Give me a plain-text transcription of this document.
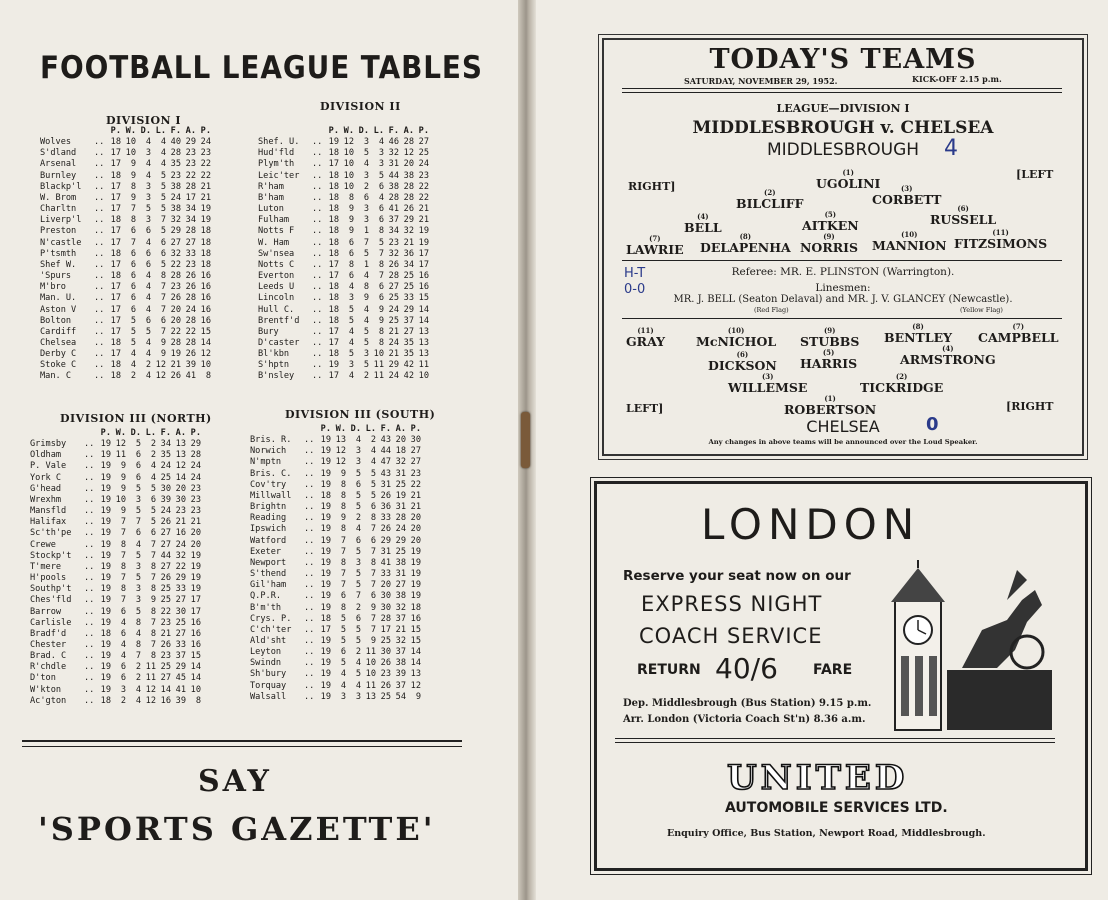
FOOTBALL LEAGUE TABLES
DIVISION I
DIVISION II
DIVISION III (NORTH)	DIVISION III (SOUTH)
P. W. D. L. F. A. P.
Wolves	.. 18 10	4	4 40 29 24
S'dland	.. 17 10	3	4 28 23 23
Arsenal	.. 17	9	4	4 35 23 22
Burnley	.. 18	9	4	5 23 22 22
Blackp'l	.. 17	8	3	5 38 28 21
W. Brom	.. 17	9	3	5 24 17 21
Charltn	.. 17	7	5	5 38 34 19
Liverp'l	.. 18	8	3	7 32 34 19
Preston	.. 17	6	6	5 29 28 18
N'castle	.. 17	7	4	6 27 27 18
P'tsmth	.. 18	6	6	6 32 33 18
Shef W.	.. 17	6	6	5 22 23 18
'Spurs	.. 18	6	4	8 28 26 16
M'bro	.. 17	6	4	7 23 26 16
Man. U.	.. 17	6	4	7 26 28 16
Aston V	.. 17	6	4	7 20 24 16
Bolton	.. 17	5	6	6 20 28 16
Cardiff	.. 17	5	5	7 22 22 15
Chelsea	.. 18	5	4	9 28 28 14
Derby C	.. 17	4	4	9 19 26 12
Stoke C	.. 18	4	2 12 21 39 10
Man. C	.. 18	2	4 12 26 41	8
P. W. D. L. F. A. P.
Shef. U.	.. 19 12	3	4 46 28 27
Hud'fld	.. 18 10	5	3 32 12 25
Plym'th	.. 17 10	4	3 31 20 24
Leic'ter	.. 18 10	3	5 44 38 23
R'ham	.. 18 10	2	6 38 28 22
B'ham	.. 18	8	6	4 28 28 22
Luton	.. 18	9	3	6 41 26 21
Fulham	.. 18	9	3	6 37 29 21
Notts F	.. 18	9	1	8 34 32 19
W. Ham	.. 18	6	7	5 23 21 19
Sw'nsea	.. 18	6	5	7 32 36 17
Notts C	.. 17	8	1	8 26 34 17
Everton	.. 17	6	4	7 28 25 16
Leeds U	.. 18	4	8	6 27 25 16
Lincoln	.. 18	3	9	6 25 33 15
Hull C.	.. 18	5	4	9 24 29 14
Brentf'd	.. 18	5	4	9 25 37 14
Bury	.. 17	4	5	8 21 27 13
D'caster	.. 17	4	5	8 24 35 13
Bl'kbn	.. 18	5	3 10 21 35 13
S'hptn	.. 19	3	5 11 29 42 11
B'nsley	.. 17	4	2 11 24 42 10
P. W. D. L. F. A. P.
Grimsby	.. 19 12	5	2 34 13 29
Oldham	.. 19 11	6	2 35 13 28
P. Vale	.. 19	9	6	4 24 12 24
York C	.. 19	9	6	4 25 14 24
G'head	.. 19	9	5	5 30 20 23
Wrexhm	.. 19 10	3	6 39 30 23
Mansfld	.. 19	9	5	5 24 23 23
Halifax	.. 19	7	7	5 26 21 21
Sc'th'pe	.. 19	7	6	6 27 16 20
Crewe	.. 19	8	4	7 27 24 20
Stockp't	.. 19	7	5	7 44 32 19
T'mere	.. 19	8	3	8 27 22 19
H'pools	.. 19	7	5	7 26 29 19
Southp't	.. 19	8	3	8 25 33 19
Ches'fld	.. 19	7	3	9 25 27 17
Barrow	.. 19	6	5	8 22 30 17
Carlisle	.. 19	4	8	7 23 25 16
Bradf'd	.. 18	6	4	8 21 27 16
Chester	.. 19	4	8	7 26 33 16
Brad. C	.. 19	4	7	8 23 37 15
R'chdle	.. 19	6	2 11 25 29 14
D'ton	.. 19	6	2 11 27 45 14
W'kton	.. 19	3	4 12 14 41 10
Ac'gton	.. 18	2	4 12 16 39	8
P. W. D. L. F. A. P.
Bris. R.	.. 19 13	4	2 43 20 30
Norwich	.. 19 12	3	4 44 18 27
N'mptn	.. 19 12	3	4 47 32 27
Bris. C.	.. 19	9	5	5 43 31 23
Cov'try	.. 19	8	6	5 31 25 22
Millwall	.. 18	8	5	5 26 19 21
Brightn	.. 19	8	5	6 36 31 21
Reading	.. 19	9	2	8 33 28 20
Ipswich	.. 19	8	4	7 26 24 20
Watford	.. 19	7	6	6 29 29 20
Exeter	.. 19	7	5	7 31 25 19
Newport	.. 19	8	3	8 41 38 19
S'thend	.. 19	7	5	7 33 31 19
Gil'ham	.. 19	7	5	7 20 27 19
Q.P.R.	.. 19	6	7	6 30 38 19
B'm'th	.. 19	8	2	9 30 32 18
Crys. P.	.. 18	5	6	7 28 37 16
C'ch'ter	.. 17	5	5	7 17 21 15
Ald'sht	.. 19	5	5	9 25 32 15
Leyton	.. 19	6	2 11 30 37 14
Swindn	.. 19	5	4 10 26 38 14
Sh'bury	.. 19	4	5 10 23 39 13
Torquay	.. 19	4	4 11 26 37 12
Walsall	.. 19	3	3 13 25 54	9
SAY
'SPORTS GAZETTE'
TODAY'S TEAMS
SATURDAY, NOVEMBER 29, 1952.	KICK-OFF 2.15 p.m.
LEAGUE—DIVISION I
MIDDLESBROUGH v. CHELSEA
MIDDLESBROUGH	4
RIGHT]
[LEFT
(1)
UGOLINI
(2)
BILCLIFF
(3)
CORBETT
(4)
BELL
(5)
AITKEN
(6)
RUSSELL
(7)
LAWRIE
(8)
DELAPENHA
(9)
NORRIS
(10)
MANNION
(11)
FITZSIMONS
Referee: MR. E. PLINSTON (Warrington).
Linesmen:
MR. J. BELL (Seaton Delaval) and MR. J. V. GLANCEY (Newcastle).
(Red Flag)	(Yellow Flag)
H-T
0-0
(11)
GRAY
(10)
McNICHOL
(9)
STUBBS
(8)
BENTLEY
(7)
CAMPBELL
(6)
DICKSON
(5)
HARRIS
(4)
ARMSTRONG
(3)
WILLEMSE
(2)
TICKRIDGE
(1)
ROBERTSON
LEFT]	[RIGHT
CHELSEA	0
Any changes in above teams will be announced over the Loud Speaker.
LONDON
Reserve your seat now on our
EXPRESS NIGHT
COACH SERVICE
RETURN 40/6	FARE
Dep. Middlesbrough (Bus Station) 9.15 p.m.
Arr. London (Victoria Coach St'n) 8.36 a.m.
UNITED
AUTOMOBILE SERVICES LTD.
Enquiry Office, Bus Station, Newport Road, Middlesbrough.
